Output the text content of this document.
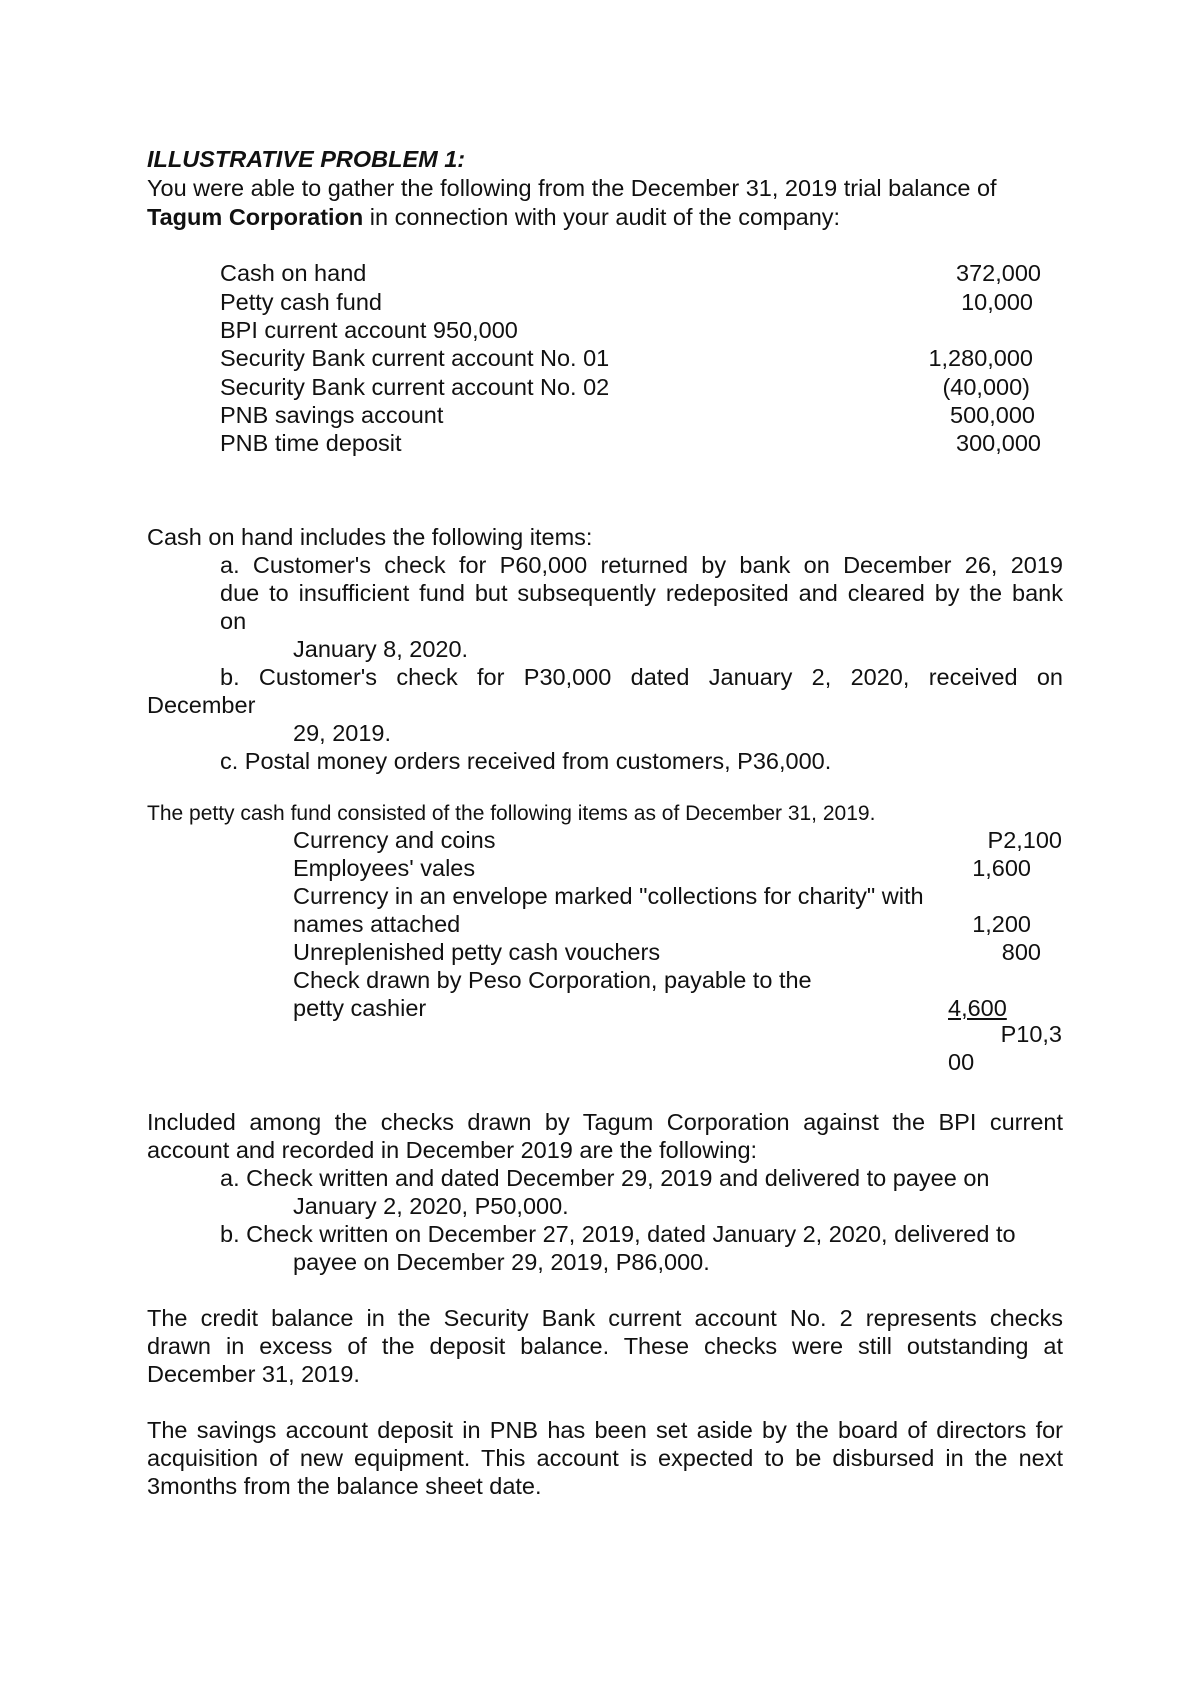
ILLUSTRATIVE PROBLEM 1:
You were able to gather the following from the December 31, 2019 trial balance of
Tagum Corporation in connection with your audit of the company:
Cash on hand	372,000
Petty cash fund	10,000
BPI current account 950,000
Security Bank current account No. 01	1,280,000
Security Bank current account No. 02	(40,000)
PNB savings account	500,000
PNB time deposit	300,000
Cash on hand includes the following items:
a. Customer's check for P60,000 returned by bank on December 26, 2019
due to insufficient fund but subsequently redeposited and cleared by the bank
on
January 8, 2020.
b. Customer's check for P30,000 dated January 2, 2020, received on
December
29, 2019.
c. Postal money orders received from customers, P36,000.
The petty cash fund consisted of the following items as of December 31, 2019.
Currency and coins	P2,100
Employees' vales	1,600
Currency in an envelope marked "collections for charity" with
names attached	1,200
Unreplenished petty cash vouchers	800
Check drawn by Peso Corporation, payable to the
petty cashier	4,600
P10,3
00
Included among the checks drawn by Tagum Corporation against the BPI current
account and recorded in December 2019 are the following:
a. Check written and dated December 29, 2019 and delivered to payee on
January 2, 2020, P50,000.
b. Check written on December 27, 2019, dated January 2, 2020, delivered to
payee on December 29, 2019, P86,000.
The credit balance in the Security Bank current account No. 2 represents checks
drawn in excess of the deposit balance. These checks were still outstanding at
December 31, 2019.
The savings account deposit in PNB has been set aside by the board of directors for
acquisition of new equipment. This account is expected to be disbursed in the next
3months from the balance sheet date.
